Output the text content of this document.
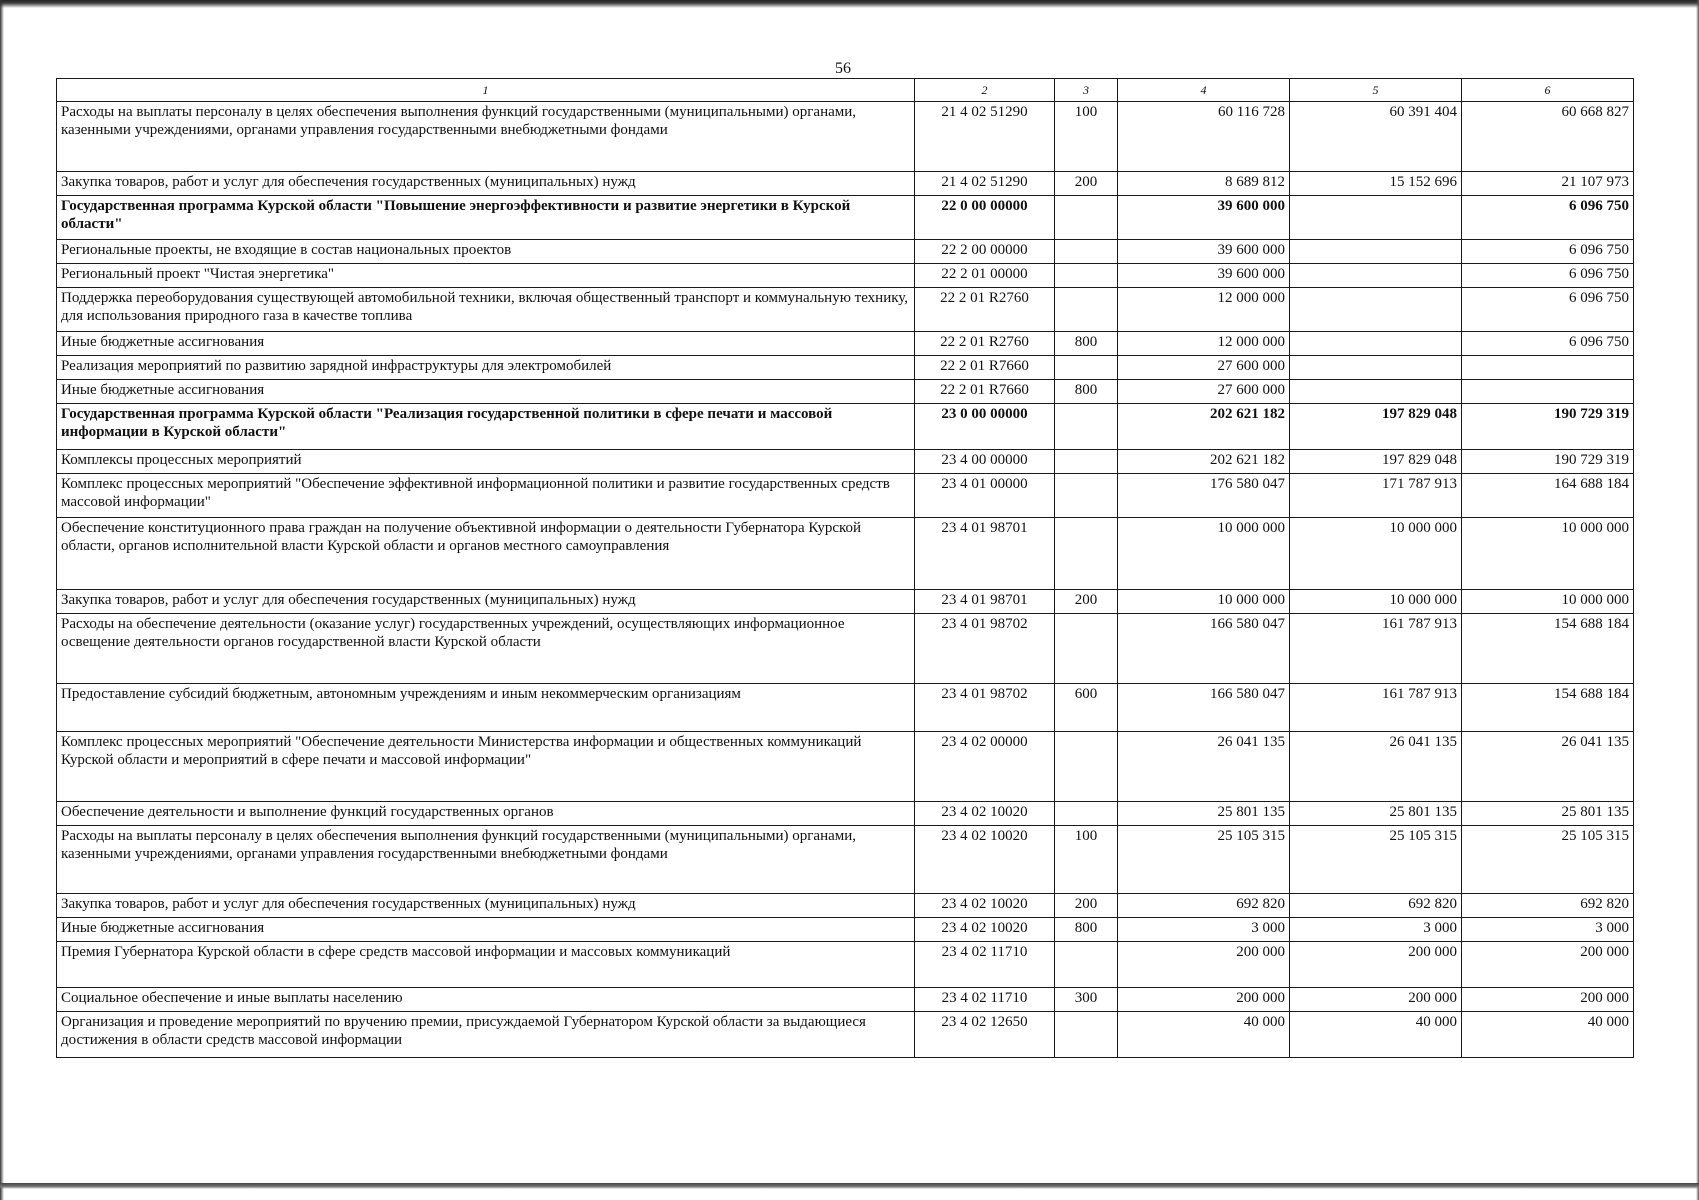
56
1	2	3	4	5	6
Расходы на выплаты персоналу в целях обеспечения выполнения функций государственными (муниципальными) органами, казенными учреждениями, органами управления государственными внебюджетными фондами	21 4 02 51290	100	60 116 728	60 391 404	60 668 827

Закупка товаров, работ и услуг для обеспечения государственных (муниципальных) нужд	21 4 02 51290	200	8 689 812	15 152 696	21 107 973

Государственная программа Курской области "Повышение энергоэффективности и развитие энергетики в Курской области"	22 0 00 00000		39 600 000		6 096 750

Региональные проекты, не входящие в состав национальных проектов	22 2 00 00000		39 600 000		6 096 750

Региональный проект "Чистая энергетика"	22 2 01 00000		39 600 000		6 096 750

Поддержка переоборудования существующей автомобильной техники, включая общественный транспорт и коммунальную технику, для использования природного газа в качестве топлива	22 2 01 R2760		12 000 000		6 096 750

Иные бюджетные ассигнования	22 2 01 R2760	800	12 000 000		6 096 750

Реализация мероприятий по развитию зарядной инфраструктуры для электромобилей	22 2 01 R7660		27 600 000		

Иные бюджетные ассигнования	22 2 01 R7660	800	27 600 000		

Государственная программа Курской области "Реализация государственной политики в сфере печати и массовой информации в Курской области"	23 0 00 00000		202 621 182	197 829 048	190 729 319

Комплексы процессных мероприятий	23 4 00 00000		202 621 182	197 829 048	190 729 319

Комплекс процессных мероприятий "Обеспечение эффективной информационной политики и развитие государственных средств массовой информации"	23 4 01 00000		176 580 047	171 787 913	164 688 184

Обеспечение конституционного права граждан на получение объективной информации о деятельности Губернатора Курской области, органов исполнительной власти Курской области и органов местного самоуправления	23 4 01 98701		10 000 000	10 000 000	10 000 000

Закупка товаров, работ и услуг для обеспечения государственных (муниципальных) нужд	23 4 01 98701	200	10 000 000	10 000 000	10 000 000

Расходы на обеспечение деятельности (оказание услуг) государственных учреждений, осуществляющих информационное освещение деятельности органов государственной власти Курской области	23 4 01 98702		166 580 047	161 787 913	154 688 184

Предоставление субсидий бюджетным, автономным учреждениям и иным некоммерческим организациям	23 4 01 98702	600	166 580 047	161 787 913	154 688 184

Комплекс процессных мероприятий "Обеспечение деятельности Министерства информации и общественных коммуникаций Курской области и мероприятий в сфере печати и массовой информации"	23 4 02 00000		26 041 135	26 041 135	26 041 135

Обеспечение деятельности и выполнение функций государственных органов	23 4 02 10020		25 801 135	25 801 135	25 801 135

Расходы на выплаты персоналу в целях обеспечения выполнения функций государственными (муниципальными) органами, казенными учреждениями, органами управления государственными внебюджетными фондами	23 4 02 10020	100	25 105 315	25 105 315	25 105 315

Закупка товаров, работ и услуг для обеспечения государственных (муниципальных) нужд	23 4 02 10020	200	692 820	692 820	692 820

Иные бюджетные ассигнования	23 4 02 10020	800	3 000	3 000	3 000

Премия Губернатора Курской области в сфере средств массовой информации и массовых коммуникаций	23 4 02 11710		200 000	200 000	200 000

Социальное обеспечение и иные выплаты населению	23 4 02 11710	300	200 000	200 000	200 000

Организация и проведение мероприятий по вручению премии, присуждаемой Губернатором Курской области за выдающиеся достижения в области средств массовой информации	23 4 02 12650		40 000	40 000	40 000
